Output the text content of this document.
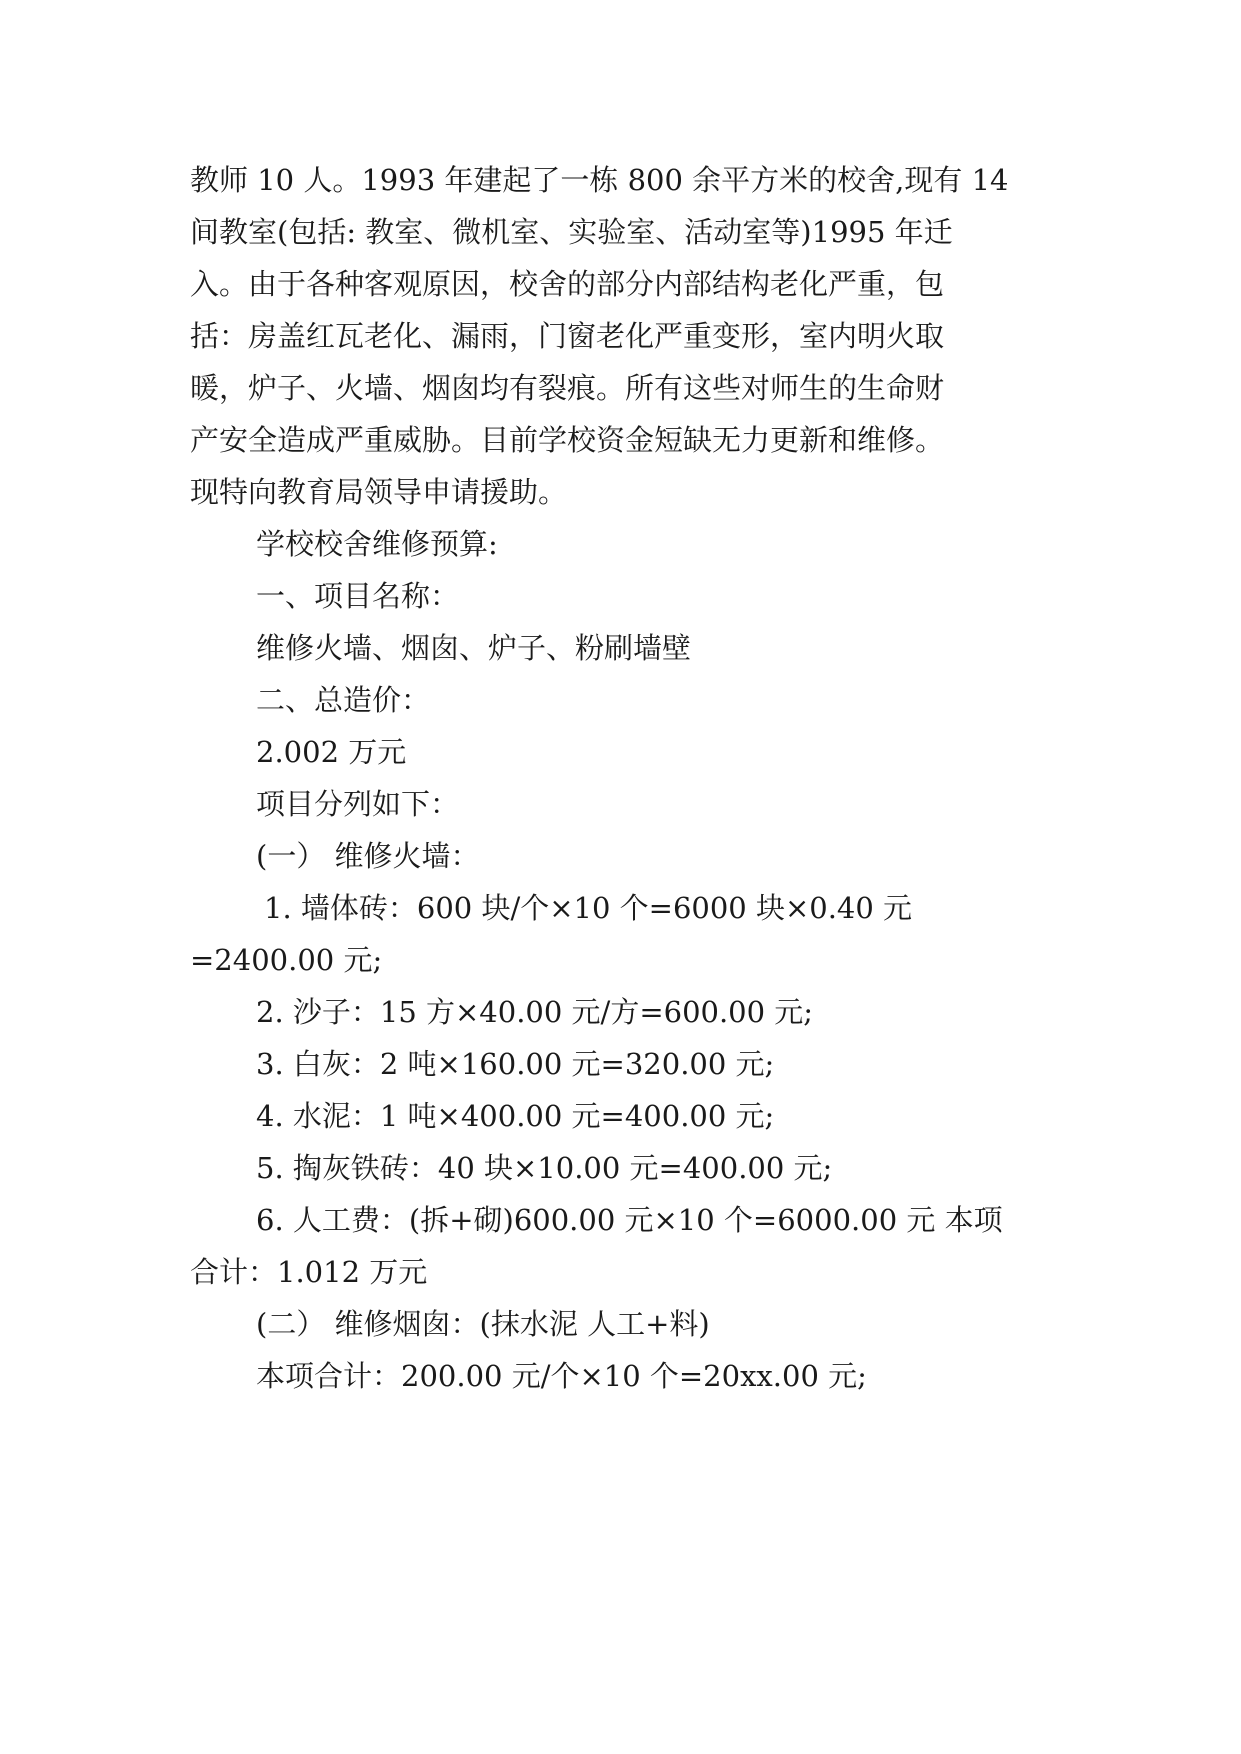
教师 10 人。1993 年建起了一栋 800 余平方米的校舍,现有 14
间教室(包括: 教室、微机室、实验室、活动室等)1995 年迁
入。由于各种客观原因，校舍的部分内部结构老化严重，包
括：房盖红瓦老化、漏雨，门窗老化严重变形，室内明火取
暖，炉子、火墙、烟囱均有裂痕。所有这些对师生的生命财
产安全造成严重威胁。目前学校资金短缺无力更新和维修。
现特向教育局领导申请援助。
学校校舍维修预算:
一、项目名称：
维修火墙、烟囱、炉子、粉刷墙壁
二、总造价：
2.002 万元
项目分列如下：
(一） 维修火墙：
1. 墙体砖：600 块/个×10 个=6000 块×0.40 元
=2400.00 元;
2. 沙子：15 方×40.00 元/方=600.00 元;
3. 白灰：2 吨×160.00 元=320.00 元;
4. 水泥：1 吨×400.00 元=400.00 元;
5. 掏灰铁砖：40 块×10.00 元=400.00 元;
6. 人工费：(拆+砌)600.00 元×10 个=6000.00 元 本项
合计：1.012 万元
(二） 维修烟囱：(抹水泥 人工+料)
本项合计：200.00 元/个×10 个=20xx.00 元;
